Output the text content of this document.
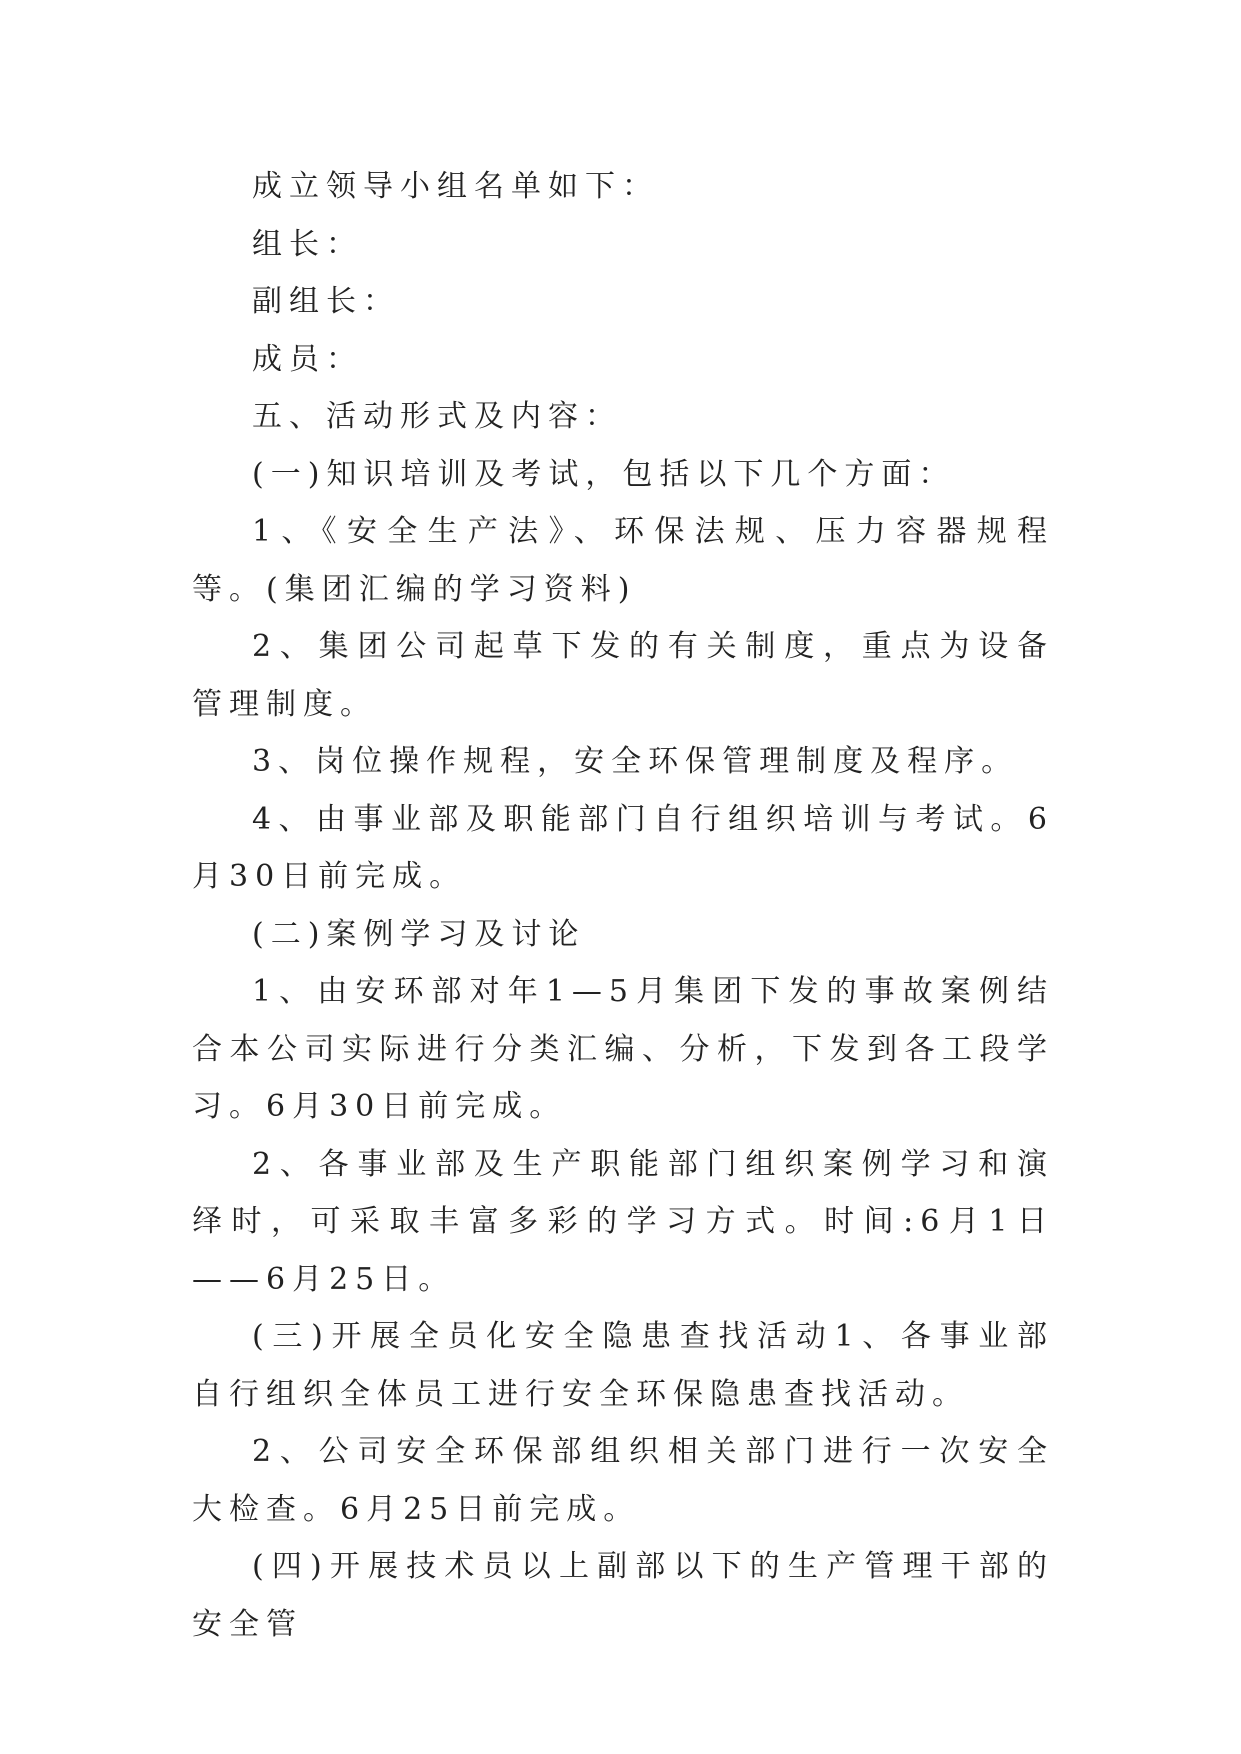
成立领导小组名单如下：

组长：

副组长：

成员：

五、活动形式及内容：

(一)知识培训及考试，包括以下几个方面：

1、《安全生产法》、环保法规、压力容器规程等。(集团汇编的学习资料)

2、集团公司起草下发的有关制度，重点为设备管理制度。

3、岗位操作规程，安全环保管理制度及程序。

4、由事业部及职能部门自行组织培训与考试。6月30日前完成。

(二)案例学习及讨论

1、由安环部对年1—5月集团下发的事故案例结合本公司实际进行分类汇编、分析，下发到各工段学习。6月30日前完成。

2、各事业部及生产职能部门组织案例学习和演绎时，可采取丰富多彩的学习方式。时间:6月1日——6月25日。

(三)开展全员化安全隐患查找活动1、各事业部自行组织全体员工进行安全环保隐患查找活动。

2、公司安全环保部组织相关部门进行一次安全大检查。6月25日前完成。

(四)开展技术员以上副部以下的生产管理干部的安全管
